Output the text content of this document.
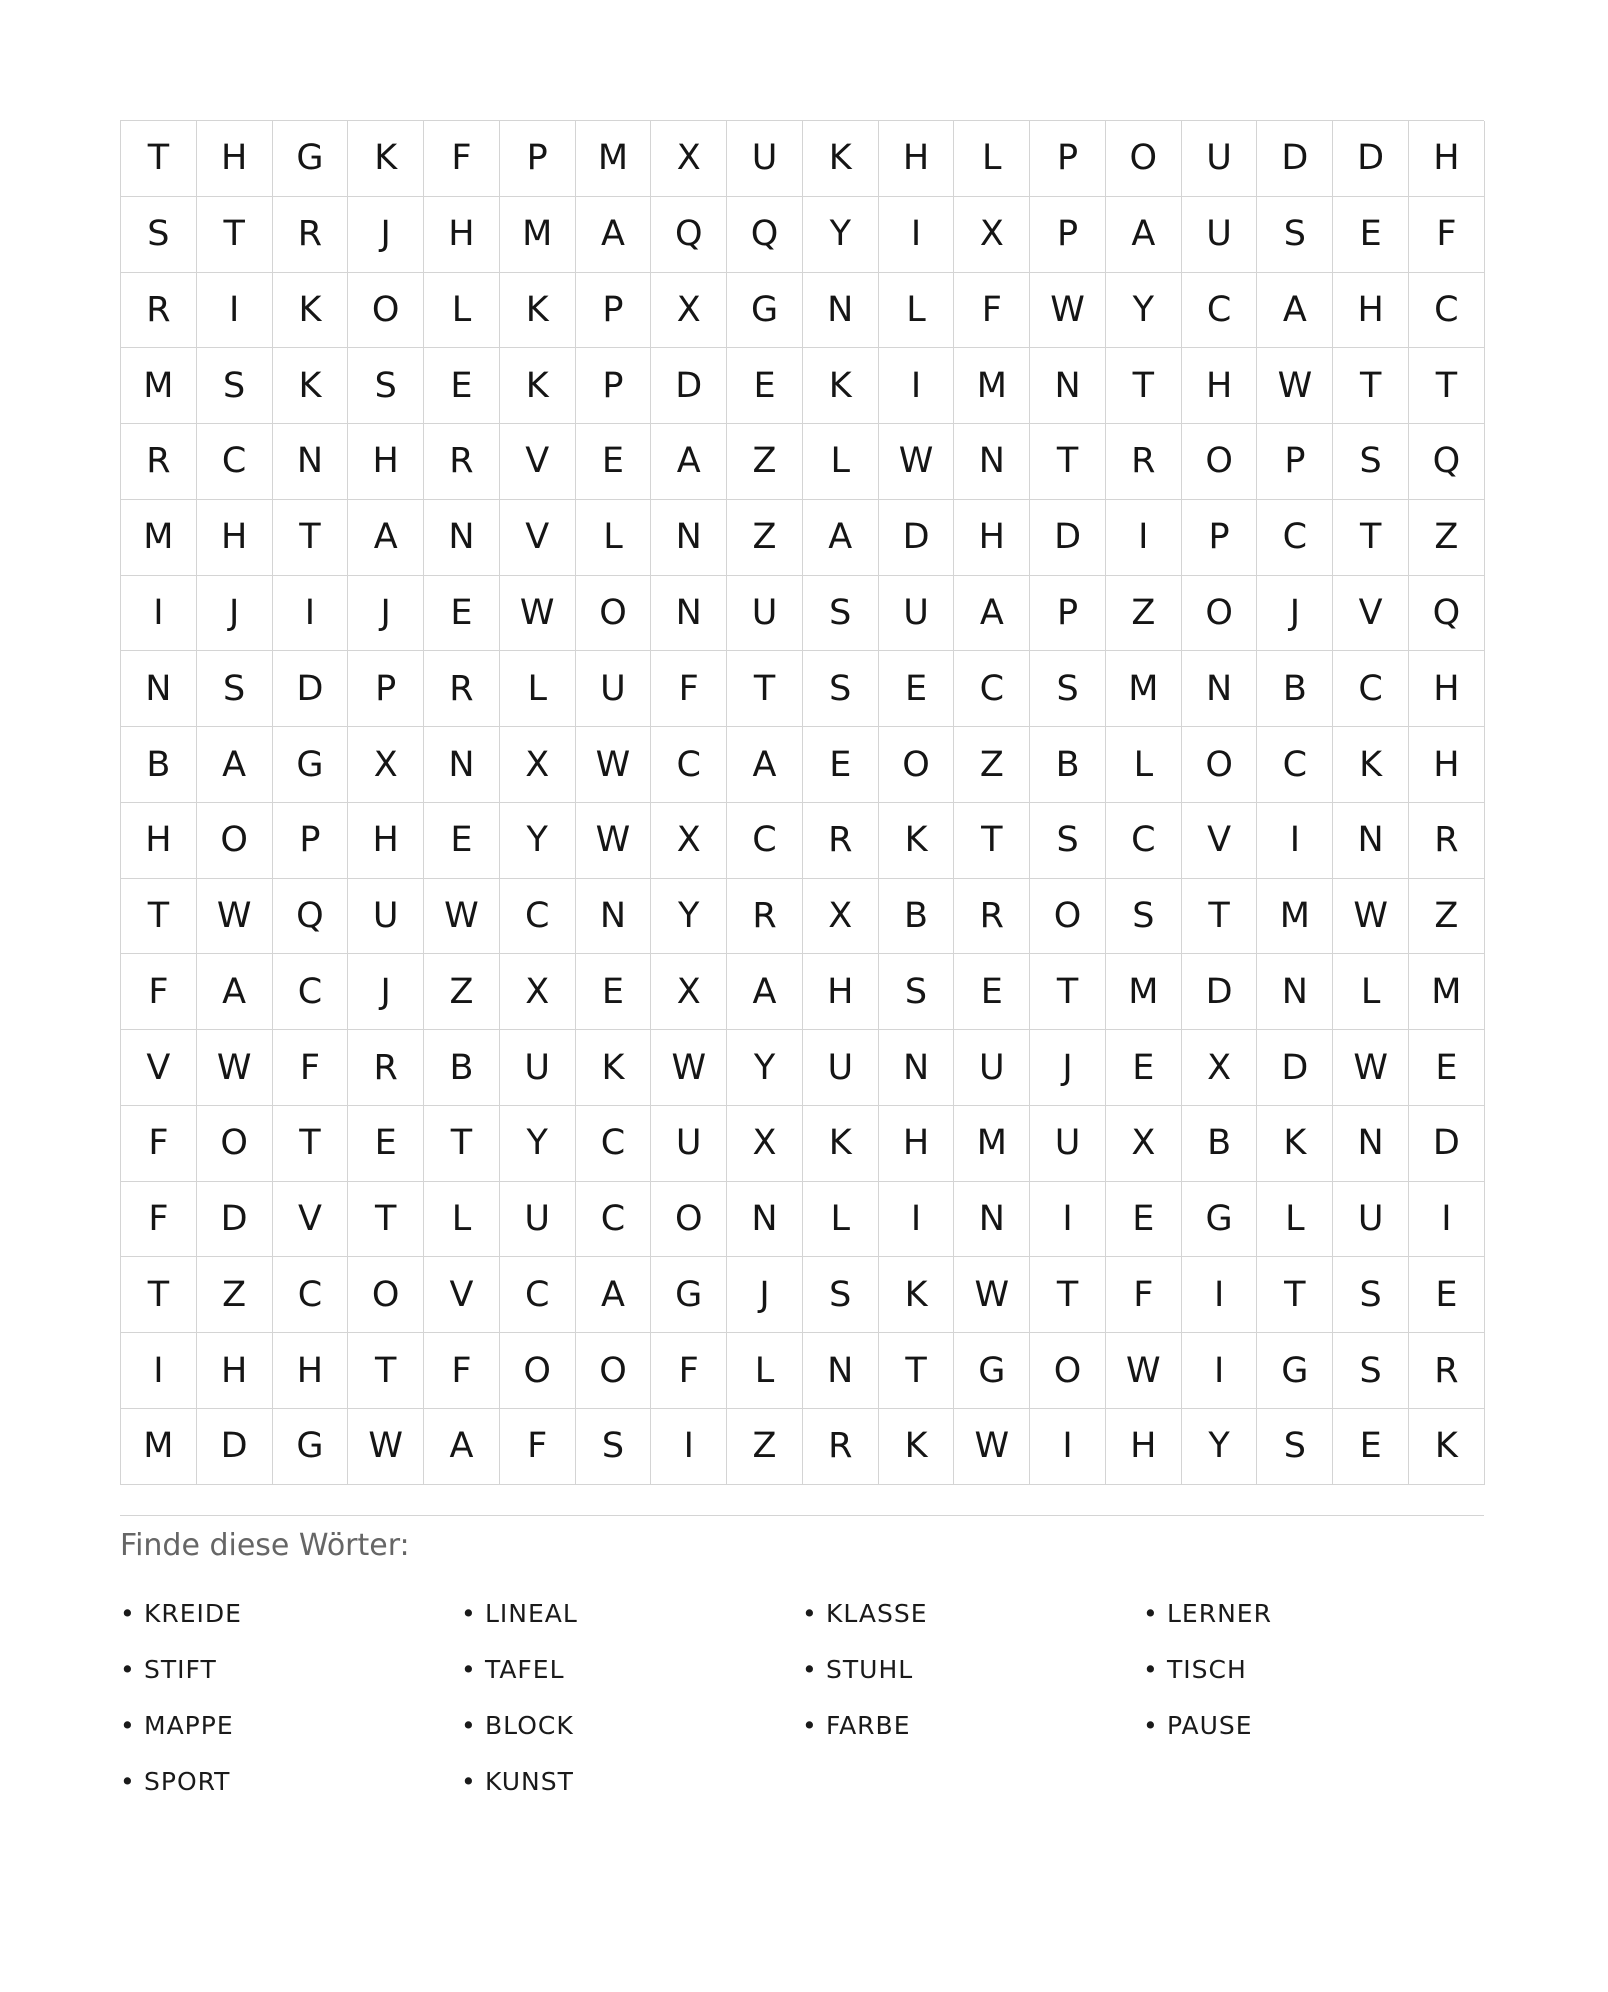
T	H	G	K	F	P	M	X	U	K	H	L	P	O	U	D	D	H
S	T	R	J	H	M	A	Q	Q	Y	I	X	P	A	U	S	E	F
R	I	K	O	L	K	P	X	G	N	L	F	W	Y	C	A	H	C
M	S	K	S	E	K	P	D	E	K	I	M	N	T	H	W	T	T
R	C	N	H	R	V	E	A	Z	L	W	N	T	R	O	P	S	Q
M	H	T	A	N	V	L	N	Z	A	D	H	D	I	P	C	T	Z
I	J	I	J	E	W	O	N	U	S	U	A	P	Z	O	J	V	Q
N	S	D	P	R	L	U	F	T	S	E	C	S	M	N	B	C	H
B	A	G	X	N	X	W	C	A	E	O	Z	B	L	O	C	K	H
H	O	P	H	E	Y	W	X	C	R	K	T	S	C	V	I	N	R
T	W	Q	U	W	C	N	Y	R	X	B	R	O	S	T	M	W	Z
F	A	C	J	Z	X	E	X	A	H	S	E	T	M	D	N	L	M
V	W	F	R	B	U	K	W	Y	U	N	U	J	E	X	D	W	E
F	O	T	E	T	Y	C	U	X	K	H	M	U	X	B	K	N	D
F	D	V	T	L	U	C	O	N	L	I	N	I	E	G	L	U	I
T	Z	C	O	V	C	A	G	J	S	K	W	T	F	I	T	S	E
I	H	H	T	F	O	O	F	L	N	T	G	O	W	I	G	S	R
M	D	G	W	A	F	S	I	Z	R	K	W	I	H	Y	S	E	K
Finde diese Wörter:
• KREIDE	• LINEAL	• KLASSE	• LERNER
• STIFT	• TAFEL	• STUHL	• TISCH
• MAPPE	• BLOCK	• FARBE	• PAUSE
• SPORT	• KUNST
